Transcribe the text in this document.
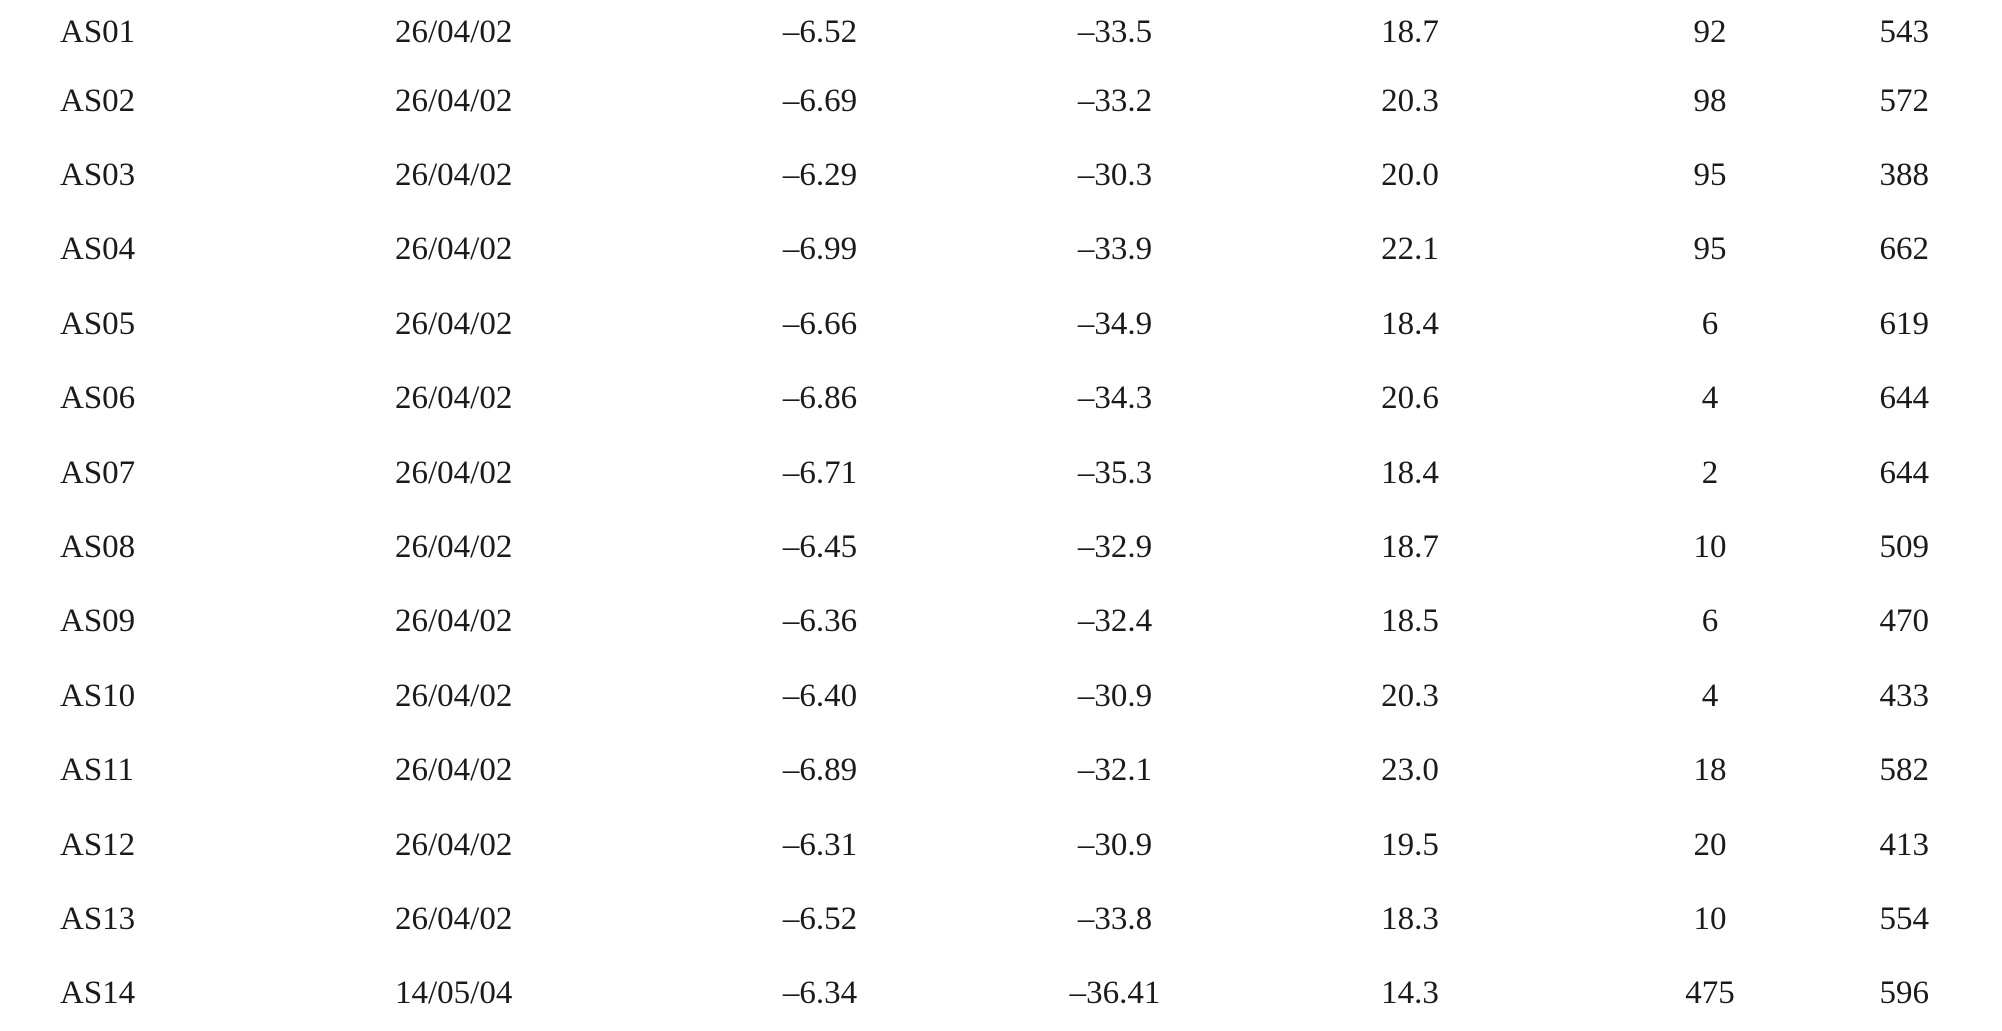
AS01	26/04/02	–6.52	–33.5	18.7	92	543
AS02	26/04/02	–6.69	–33.2	20.3	98	572
AS03	26/04/02	–6.29	–30.3	20.0	95	388
AS04	26/04/02	–6.99	–33.9	22.1	95	662
AS05	26/04/02	–6.66	–34.9	18.4	6	619
AS06	26/04/02	–6.86	–34.3	20.6	4	644
AS07	26/04/02	–6.71	–35.3	18.4	2	644
AS08	26/04/02	–6.45	–32.9	18.7	10	509
AS09	26/04/02	–6.36	–32.4	18.5	6	470
AS10	26/04/02	–6.40	–30.9	20.3	4	433
AS11	26/04/02	–6.89	–32.1	23.0	18	582
AS12	26/04/02	–6.31	–30.9	19.5	20	413
AS13	26/04/02	–6.52	–33.8	18.3	10	554
AS14	14/05/04	–6.34	–36.41	14.3	475	596
